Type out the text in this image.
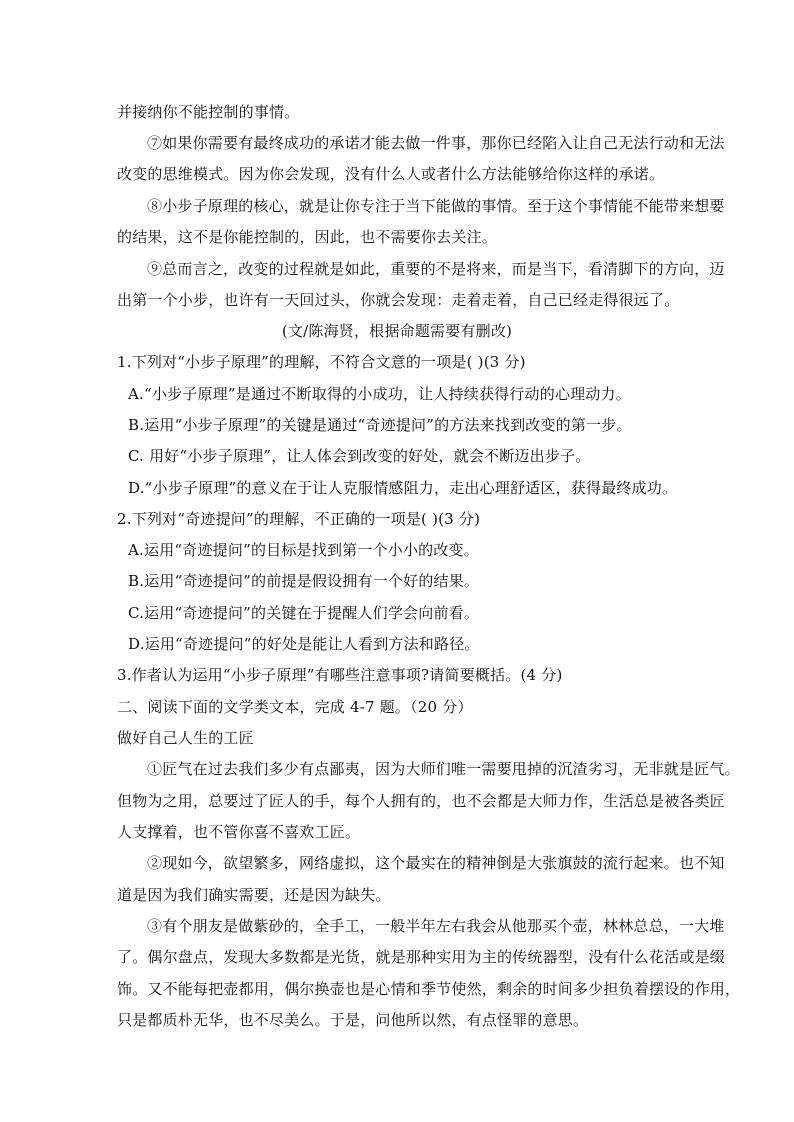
并接纳你不能控制的事情。
⑦如果你需要有最终成功的承诺才能去做一件事，那你已经陷入让自己无法行动和无法
改变的思维模式。因为你会发现，没有什么人或者什么方法能够给你这样的承诺。
⑧小步子原理的核心，就是让你专注于当下能做的事情。至于这个事情能不能带来想要
的结果，这不是你能控制的，因此，也不需要你去关注。
⑨总而言之，改变的过程就是如此，重要的不是将来，而是当下，看清脚下的方向，迈
出第一个小步，也许有一天回过头，你就会发现：走着走着，自己已经走得很远了。
(文/陈海贤，根据命题需要有删改)
1.下列对“小步子原理”的理解，不符合文意的一项是( )(3 分)
A.“小步子原理”是通过不断取得的小成功，让人持续获得行动的心理动力。
B.运用“小步子原理”的关键是通过“奇迹提问”的方法来找到改变的第一步。
C. 用好“小步子原理”，让人体会到改变的好处，就会不断迈出步子。
D.“小步子原理”的意义在于让人克服情感阻力，走出心理舒适区，获得最终成功。
2.下列对“奇迹提问”的理解，不正确的一项是( )(3 分)
A.运用“奇迹提问”的目标是找到第一个小小的改变。
B.运用“奇迹提问”的前提是假设拥有一个好的结果。
C.运用“奇迹提问”的关键在于提醒人们学会向前看。
D.运用“奇迹提问”的好处是能让人看到方法和路径。
3.作者认为运用“小步子原理”有哪些注意事项?请简要概括。(4 分)
二、阅读下面的文学类文本，完成 4-7 题。（20 分）
做好自己人生的工匠
①匠气在过去我们多少有点鄙夷，因为大师们唯一需要甩掉的沉渣劣习，无非就是匠气。
但物为之用，总要过了匠人的手，每个人拥有的，也不会都是大师力作，生活总是被各类匠
人支撑着，也不管你喜不喜欢工匠。
②现如今，欲望繁多，网络虚拟，这个最实在的精神倒是大张旗鼓的流行起来。也不知
道是因为我们确实需要，还是因为缺失。
③有个朋友是做紫砂的，全手工，一般半年左右我会从他那买个壶，林林总总，一大堆
了。偶尔盘点，发现大多数都是光货，就是那种实用为主的传统器型，没有什么花活或是缀
饰。又不能每把壶都用，偶尔换壶也是心情和季节使然，剩余的时间多少担负着摆设的作用，
只是都质朴无华，也不尽美么。于是，问他所以然，有点怪罪的意思。
